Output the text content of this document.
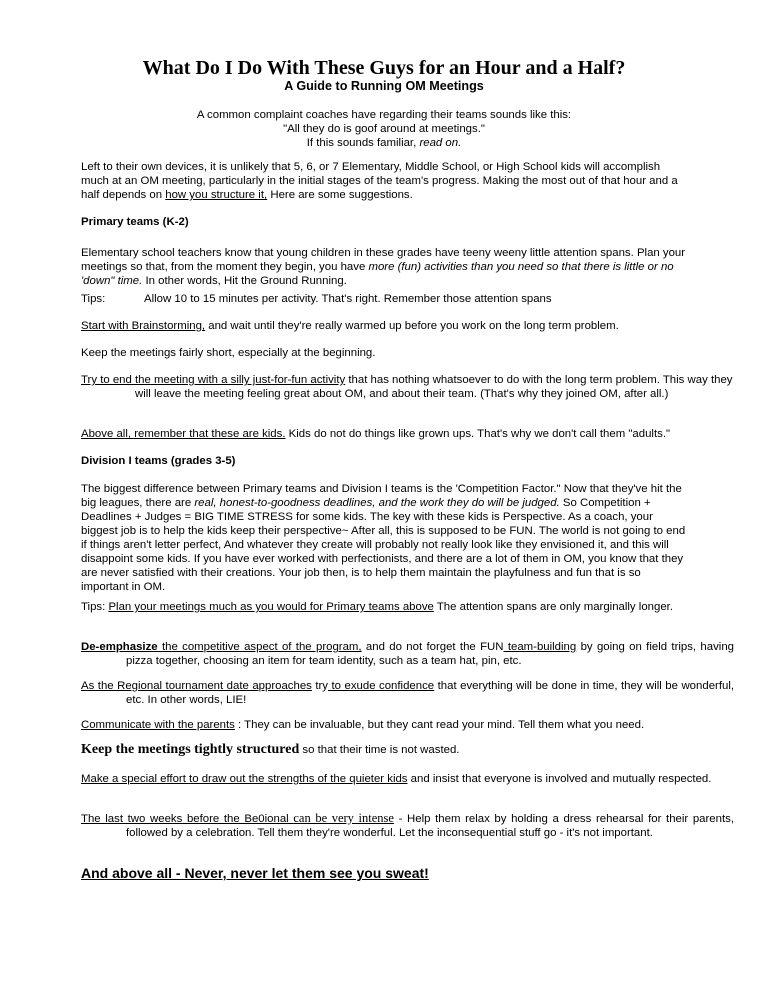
What Do I Do With These Guys for an Hour and a Half?
A Guide to Running OM Meetings
A common complaint coaches have regarding their teams sounds like this:
"All they do is goof around at meetings."
If this sounds familiar, read on.
Left to their own devices, it is unlikely that 5, 6, or 7 Elementary, Middle School, or High School kids will accomplish much at an OM meeting, particularly in the initial stages of the team's progress. Making the most out of that hour and a half depends on how you structure it, Here are some suggestions.
Primary teams (K-2)
Elementary school teachers know that young children in these grades have teeny weeny little attention spans. Plan your meetings so that, from the moment they begin, you have more (fun) activities than you need so that there is little or no 'down" time. In other words, Hit the Ground Running.
Tips:	Allow 10 to 15 minutes per activity. That's right. Remember those attention spans
Start with Brainstorming, and wait until they're really warmed up before you work on the long term problem.
Keep the meetings fairly short, especially at the beginning.
Try to end the meeting with a silly just-for-fun activity that has nothing whatsoever to do with the long term problem. This way they will leave the meeting feeling great about OM, and about their team. (That's why they joined OM, after all.)
Above all, remember that these are kids. Kids do not do things like grown ups. That's why we don't call them "adults."
Division I teams (grades 3-5)
The biggest difference between Primary teams and Division I teams is the 'Competition Factor." Now that they've hit the big leagues, there are real, honest-to-goodness deadlines, and the work they do will be judged. So Competition + Deadlines + Judges = BIG TIME STRESS for some kids. The key with these kids is Perspective. As a coach, your biggest job is to help the kids keep their perspective~ After all, this is supposed to be FUN. The world is not going to end if things aren't letter perfect, And whatever they create will probably not really look like they envisioned it, and this will disappoint some kids. If you have ever worked with perfectionists, and there are a lot of them in OM, you know that they are never satisfied with their creations. Your job then, is to help them maintain the playfulness and fun that is so important in OM.
Tips: Plan your meetings much as you would for Primary teams above The attention spans are only marginally longer.
De-emphasize the competitive aspect of the program, and do not forget the FUN team-building by going on field trips, having pizza together, choosing an item for team identity, such as a team hat, pin, etc.
As the Regional tournament date approaches try to exude confidence that everything will be done in time, they will be wonderful, etc. In other words, LIE!
Communicate with the parents : They can be invaluable, but they cant read your mind. Tell them what you need.
Keep the meetings tightly structured so that their time is not wasted.
Make a special effort to draw out the strengths of the quieter kids and insist that everyone is involved and mutually respected.
The last two weeks before the Be0ional can be very intense - Help them relax by holding a dress rehearsal for their parents, followed by a celebration. Tell them they're wonderful. Let the inconsequential stuff go - it's not important.
And above all - Never, never let them see you sweat!
